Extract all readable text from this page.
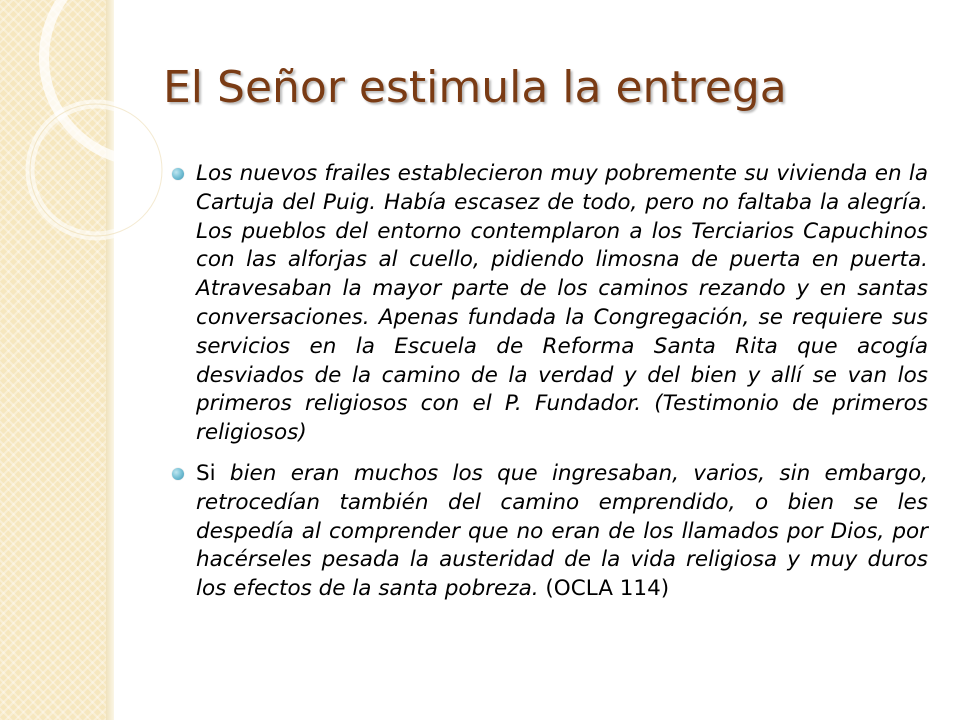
El Señor estimula la entrega
Los nuevos frailes establecieron muy pobremente su vivienda en la Cartuja del Puig. Había escasez de todo, pero no faltaba la alegría. Los pueblos del entorno contemplaron a los Terciarios Capuchinos con las alforjas al cuello, pidiendo limosna de puerta en puerta. Atravesaban la mayor parte de los caminos rezando y en santas conversaciones. Apenas fundada la Congregación, se requiere sus servicios en la Escuela de Reforma Santa Rita que acogía desviados de la camino de la verdad y del bien y allí se van los primeros religiosos con el P. Fundador. (Testimonio de primeros religiosos)
Si bien eran muchos los que ingresaban, varios, sin embargo, retrocedían también del camino emprendido, o bien se les despedía al comprender que no eran de los llamados por Dios, por hacérseles pesada la austeridad de la vida religiosa y muy duros los efectos de la santa pobreza. (OCLA 114)
